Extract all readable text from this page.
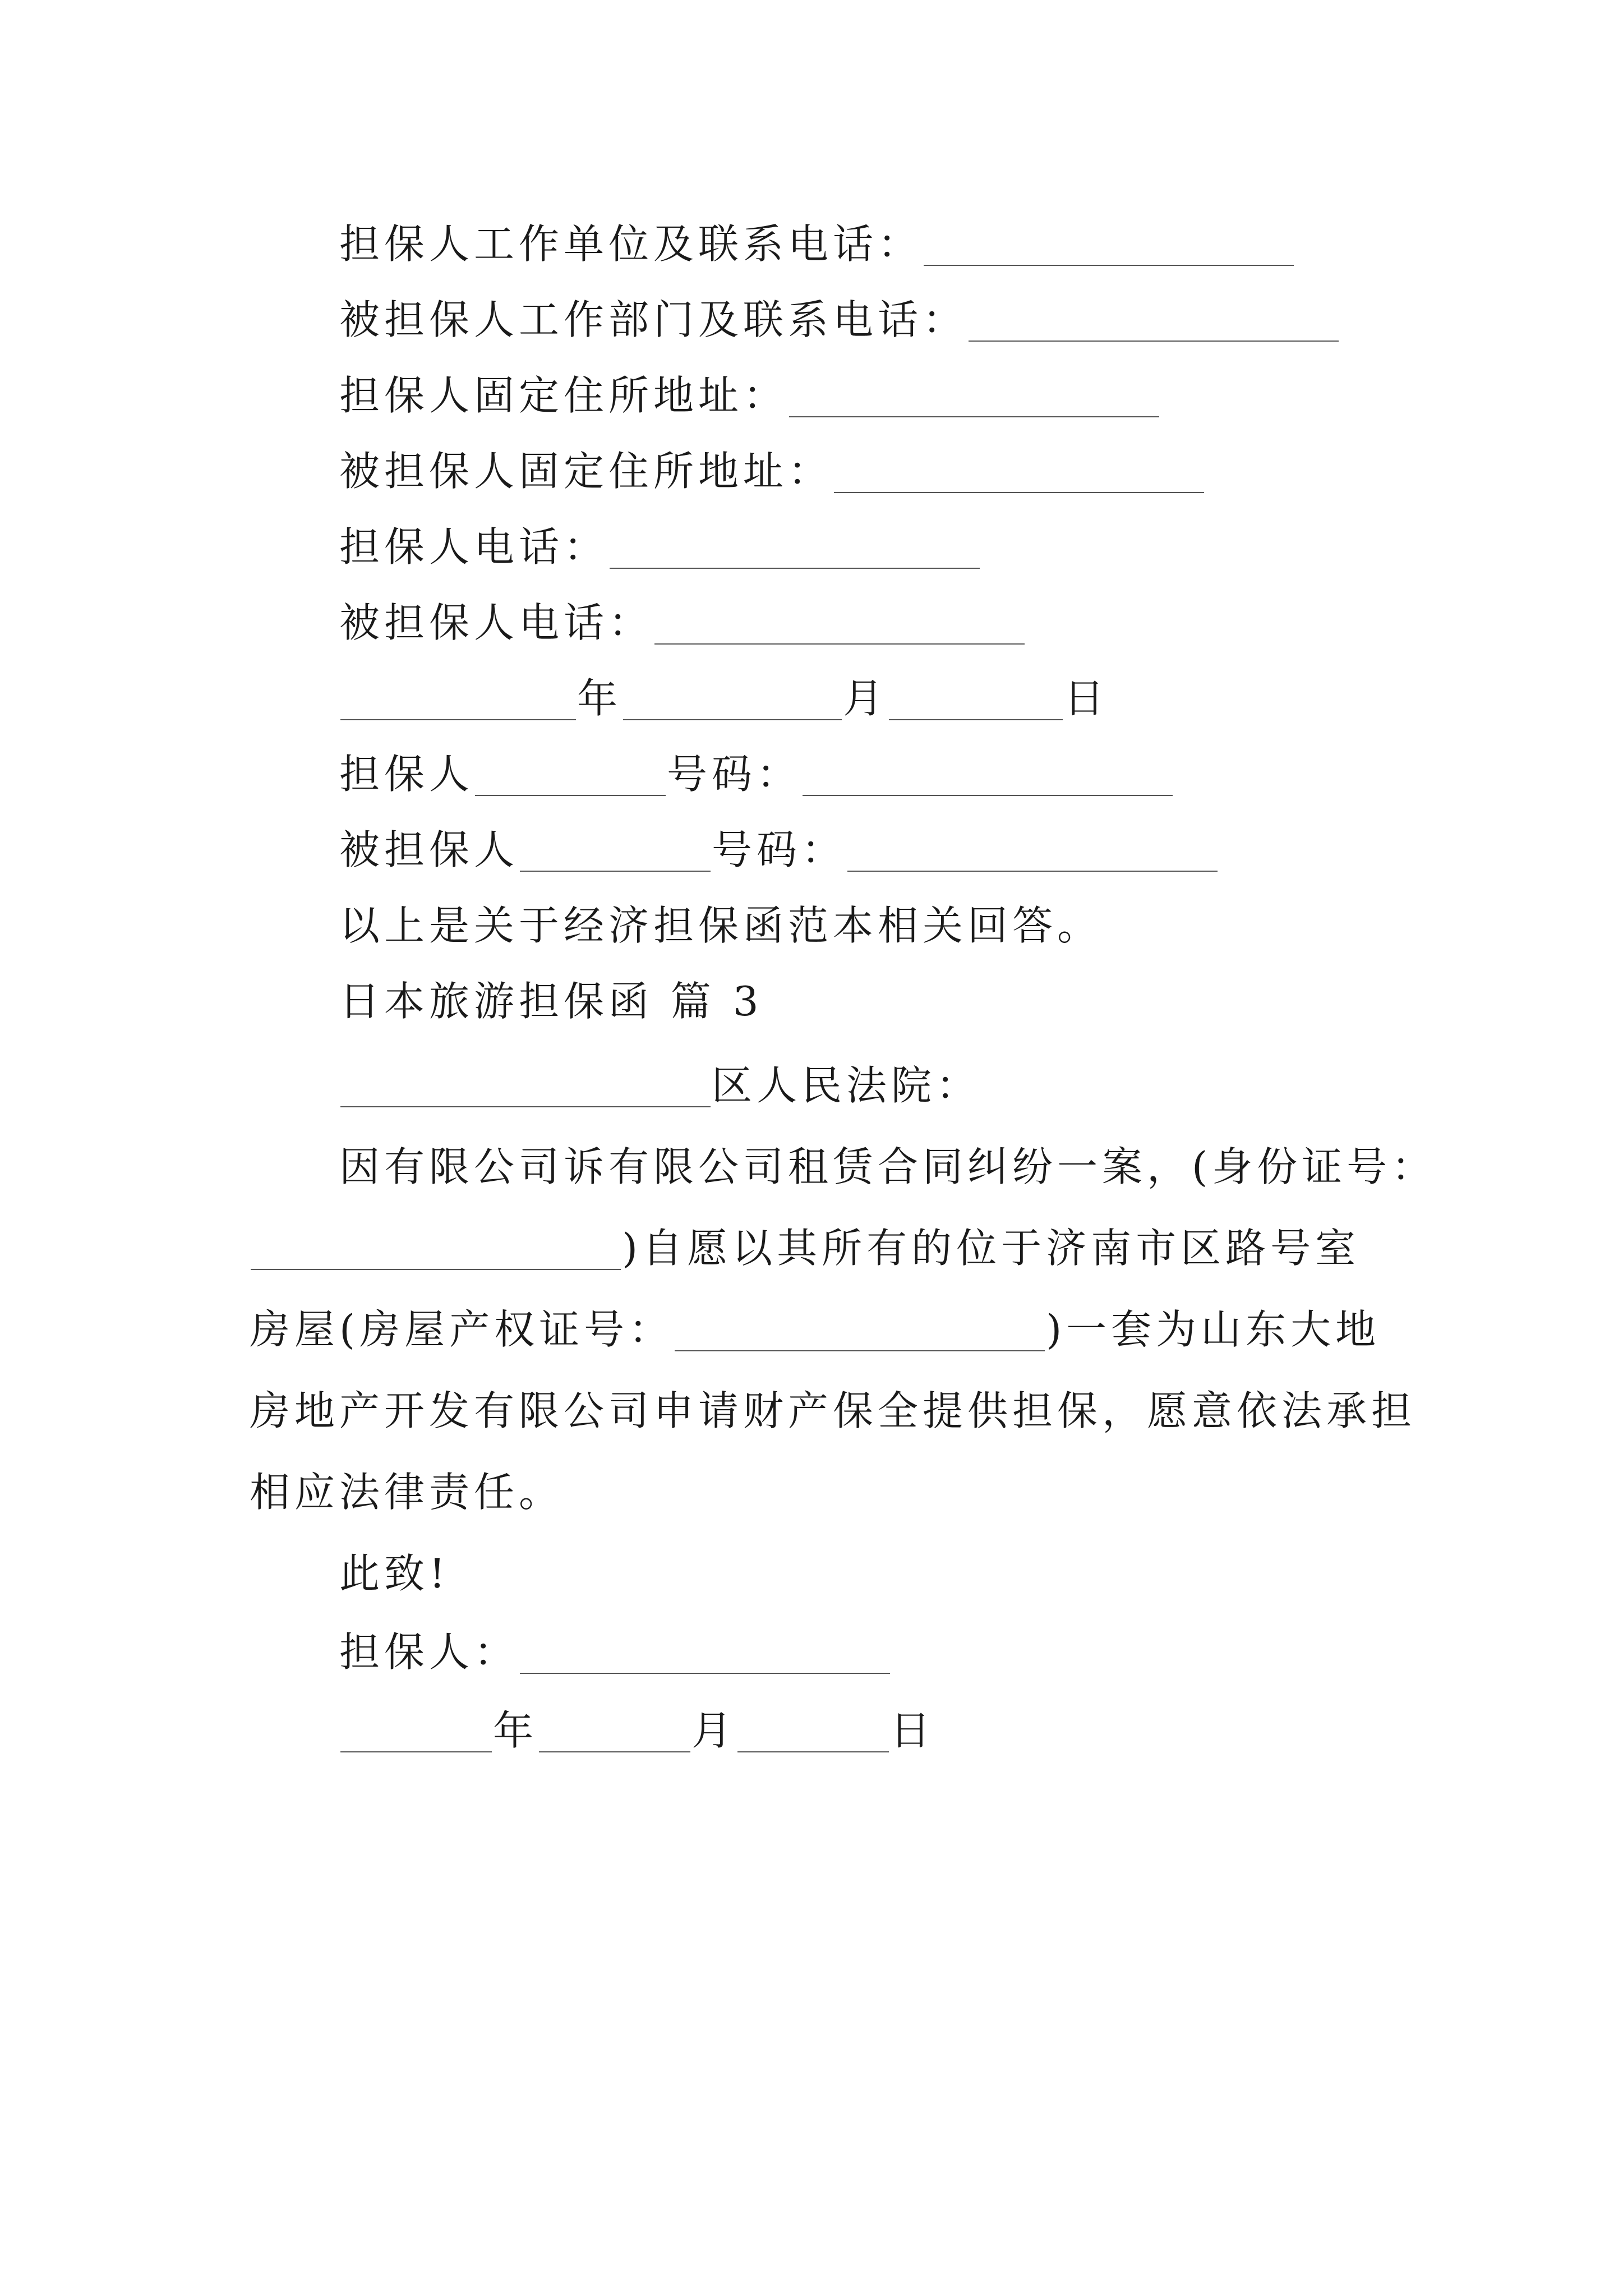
担保人工作单位及联系电话：
被担保人工作部门及联系电话：
担保人固定住所地址：
被担保人固定住所地址：
担保人电话：
被担保人电话：
年	月	日
担保人	号码：
被担保人	号码：
以上是关于经济担保函范本相关回答。
日本旅游担保函 篇 3
区人民法院：
因有限公司诉有限公司租赁合同纠纷一案，(身份证号：
)自愿以其所有的位于济南市区路号室
房屋(房屋产权证号：	)一套为山东大地
房地产开发有限公司申请财产保全提供担保，愿意依法承担
相应法律责任。
此致!
担保人：
年	月	日
